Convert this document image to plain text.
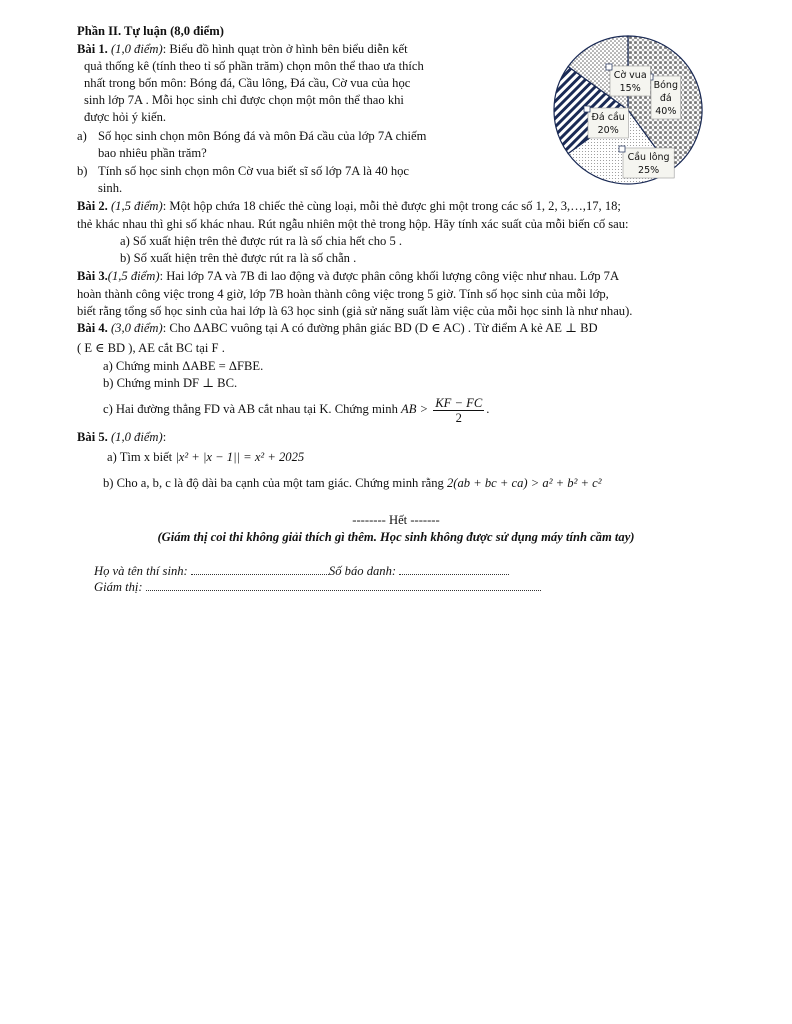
Phần II. Tự luận (8,0 điểm)
Bài 1. (1,0 điểm): Biểu đồ hình quạt tròn ở hình bên biểu diễn kết
quả thống kê (tính theo tỉ số phần trăm) chọn môn thể thao ưa thích
nhất trong bốn môn: Bóng đá, Cầu lông, Đá cầu, Cờ vua của học
sinh lớp 7A . Mỗi học sinh chỉ được chọn một môn thể thao khi
được hỏi ý kiến.
a) Số học sinh chọn môn Bóng đá và môn Đá cầu của lớp 7A chiếm
bao nhiêu phần trăm?
b) Tính số học sinh chọn môn Cờ vua biết sĩ số lớp 7A là 40 học
sinh.
Bóng
đá
40%
Cầu lông
25%
Đá cầu
20%
Cờ vua
15%
Bài 2. (1,5 điểm): Một hộp chứa 18 chiếc thẻ cùng loại, mỗi thẻ được ghi một trong các số 1, 2, 3,…,17, 18;
thẻ khác nhau thì ghi số khác nhau. Rút ngẫu nhiên một thẻ trong hộp. Hãy tính xác suất của mỗi biến cố sau:
a) Số xuất hiện trên thẻ được rút ra là số chia hết cho 5 .
b) Số xuất hiện trên thẻ được rút ra là số chẵn .
Bài 3.(1,5 điểm): Hai lớp 7A và 7B đi lao động và được phân công khối lượng công việc như nhau. Lớp 7A
hoàn thành công việc trong 4 giờ, lớp 7B hoàn thành công việc trong 5 giờ. Tính số học sinh của mỗi lớp,
biết rằng tổng số học sinh của hai lớp là 63 học sinh (giả sử năng suất làm việc của mỗi học sinh là như nhau).
Bài 4. (3,0 điểm): Cho ΔABC vuông tại A có đường phân giác BD (D ∈ AC) . Từ điểm A kẻ AE ⊥ BD
( E ∈ BD ), AE cắt BC tại F .
a) Chứng minh ΔABE = ΔFBE.
b) Chứng minh DF ⊥ BC.
c) Hai đường thẳng FD và AB cắt nhau tại K. Chứng minh AB > $\frac{KF - FC}{2}$ .
Bài 5. (1,0 điểm):
a) Tìm x biết |x² + |x − 1|| = x² + 2025
b) Cho a, b, c là độ dài ba cạnh của một tam giác. Chứng minh rằng 2(ab + bc + ca) > a² + b² + c²
-------- Hết -------
(Giám thị coi thi không giải thích gì thêm. Học sinh không được sử dụng máy tính cầm tay)
Họ và tên thí sinh:	Số báo danh:
Giám thị:
